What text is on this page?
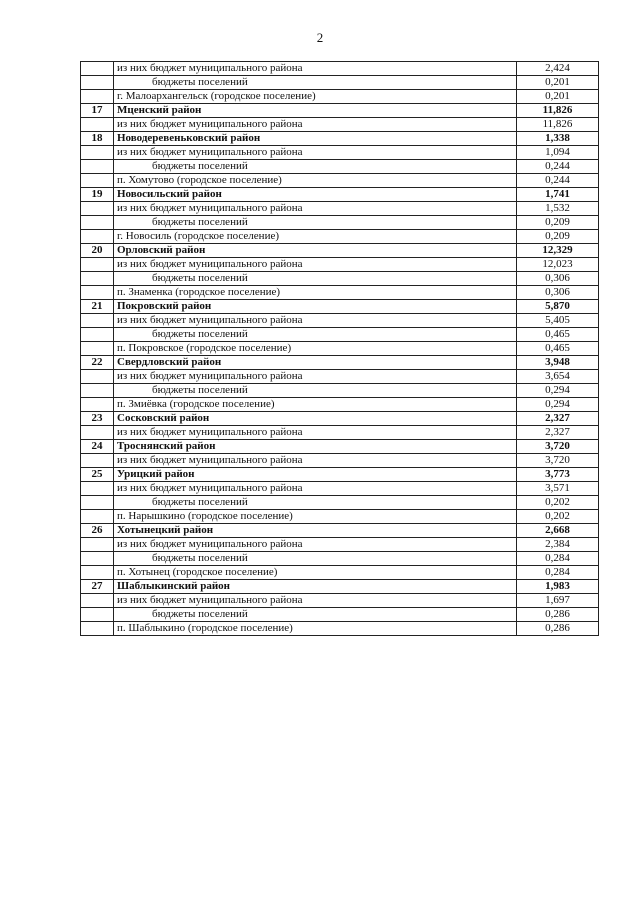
2
	из них бюджет муниципального района	2,424
	бюджеты поселений	0,201
	г. Малоархангельск (городское поселение)	0,201
17	Мценский район	11,826
	из них бюджет муниципального района	11,826
18	Новодеревеньковский район	1,338
	из них бюджет муниципального района	1,094
	бюджеты поселений	0,244
	п. Хомутово (городское поселение)	0,244
19	Новосильский район	1,741
	из них бюджет муниципального района	1,532
	бюджеты поселений	0,209
	г. Новосиль (городское поселение)	0,209
20	Орловский район	12,329
	из них бюджет муниципального района	12,023
	бюджеты поселений	0,306
	п. Знаменка (городское поселение)	0,306
21	Покровский район	5,870
	из них бюджет муниципального района	5,405
	бюджеты поселений	0,465
	п. Покровское (городское поселение)	0,465
22	Свердловский район	3,948
	из них бюджет муниципального района	3,654
	бюджеты поселений	0,294
	п. Змиёвка (городское поселение)	0,294
23	Сосковский район	2,327
	из них бюджет муниципального района	2,327
24	Троснянский район	3,720
	из них бюджет муниципального района	3,720
25	Урицкий район	3,773
	из них бюджет муниципального района	3,571
	бюджеты поселений	0,202
	п. Нарышкино (городское поселение)	0,202
26	Хотынецкий район	2,668
	из них бюджет муниципального района	2,384
	бюджеты поселений	0,284
	п. Хотынец (городское поселение)	0,284
27	Шаблыкинский район	1,983
	из них бюджет муниципального района	1,697
	бюджеты поселений	0,286
	п. Шаблыкино (городское поселение)	0,286
